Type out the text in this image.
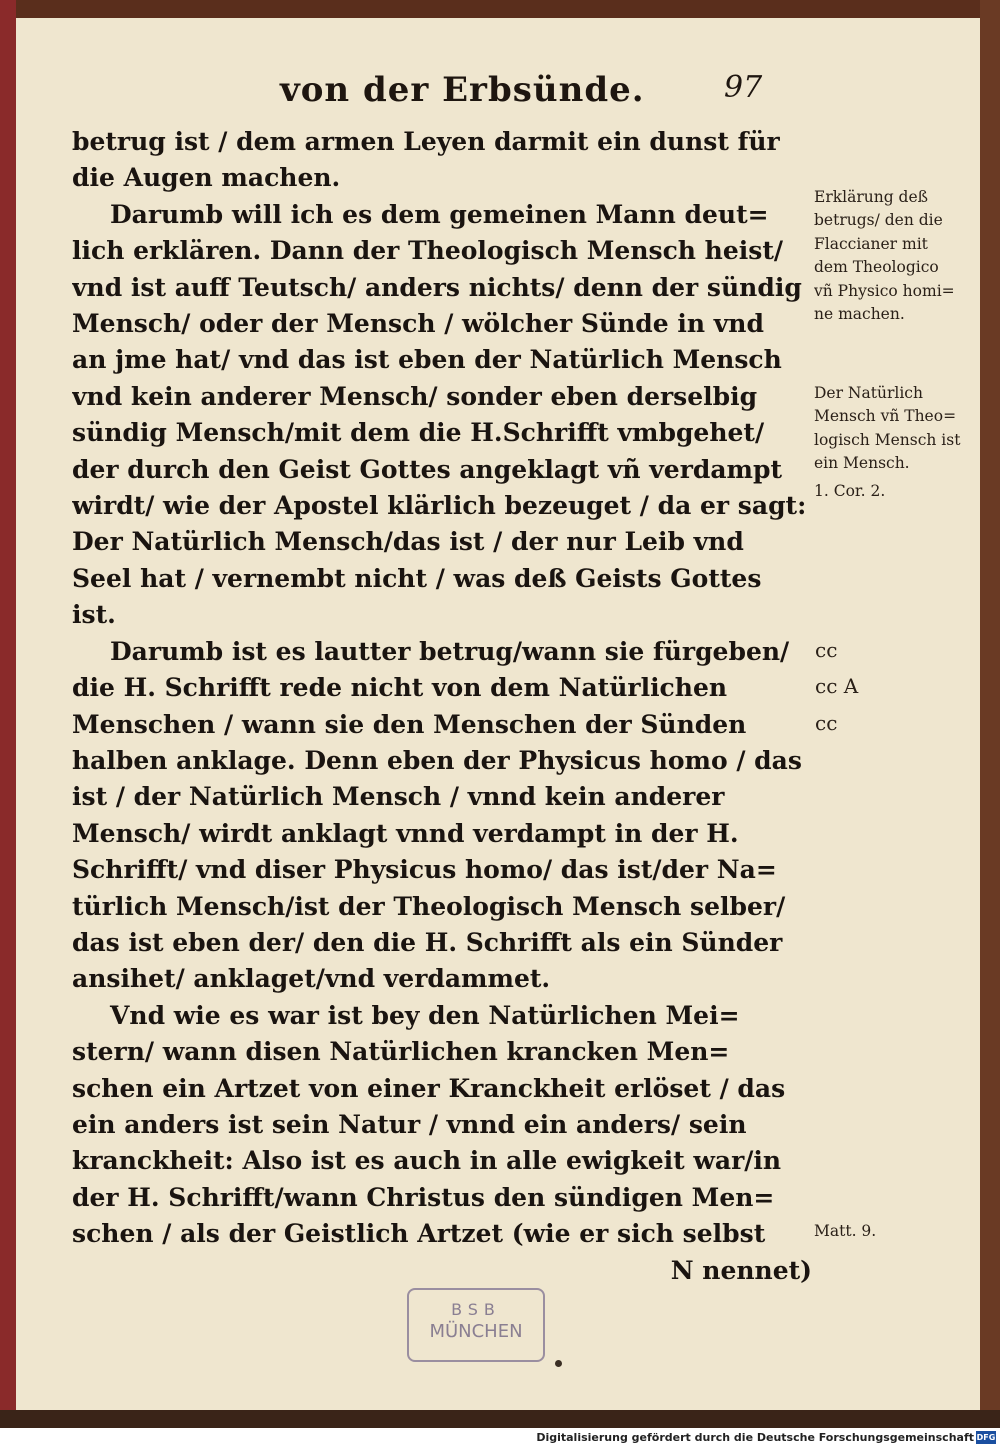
von der Erbsünde.	97
betrug ist / dem armen Leyen darmit ein dunst für
die Augen machen.
Darumb will ich es dem gemeinen Mann deut=
lich erklären. Dann der Theologisch Mensch heist/
vnd ist auff Teutsch/ anders nichts/ denn der sündig
Mensch/ oder der Mensch / wölcher Sünde in vnd
an jme hat/ vnd das ist eben der Natürlich Mensch
vnd kein anderer Mensch/ sonder eben derselbig
sündig Mensch/mit dem die H.Schrifft vmbgehet/
der durch den Geist Gottes angeklagt vñ verdampt
wirdt/ wie der Apostel klärlich bezeuget / da er sagt:
Der Natürlich Mensch/das ist / der nur Leib vnd
Seel hat / vernembt nicht / was deß Geists Gottes
ist.
Darumb ist es lautter betrug/wann sie fürgeben/
die H. Schrifft rede nicht von dem Natürlichen
Menschen / wann sie den Menschen der Sünden
halben anklage. Denn eben der Physicus homo / das
ist / der Natürlich Mensch / vnnd kein anderer
Mensch/ wirdt anklagt vnnd verdampt in der H.
Schrifft/ vnd diser Physicus homo/ das ist/der Na=
türlich Mensch/ist der Theologisch Mensch selber/
das ist eben der/ den die H. Schrifft als ein Sünder
ansihet/ anklaget/vnd verdammet.
Vnd wie es war ist bey den Natürlichen Mei=
stern/ wann disen Natürlichen krancken Men=
schen ein Artzet von einer Kranckheit erlöset / das
ein anders ist sein Natur / vnnd ein anders/ sein
kranckheit: Also ist es auch in alle ewigkeit war/in
der H. Schrifft/wann Christus den sündigen Men=
schen / als der Geistlich Artzet (wie er sich selbst
N nennet)
Erklärung deß
betrugs/ den die
Flaccianer mit
dem Theologico
vñ Physico homi=
ne machen.
Der Natürlich
Mensch vñ Theo=
logisch Mensch ist
ein Mensch.
1. Cor. 2.
cc
cc A
cc
Matt. 9.
BSB
MÜNCHEN
Digitalisierung gefördert durch die Deutsche Forschungsgemeinschaft DFG
